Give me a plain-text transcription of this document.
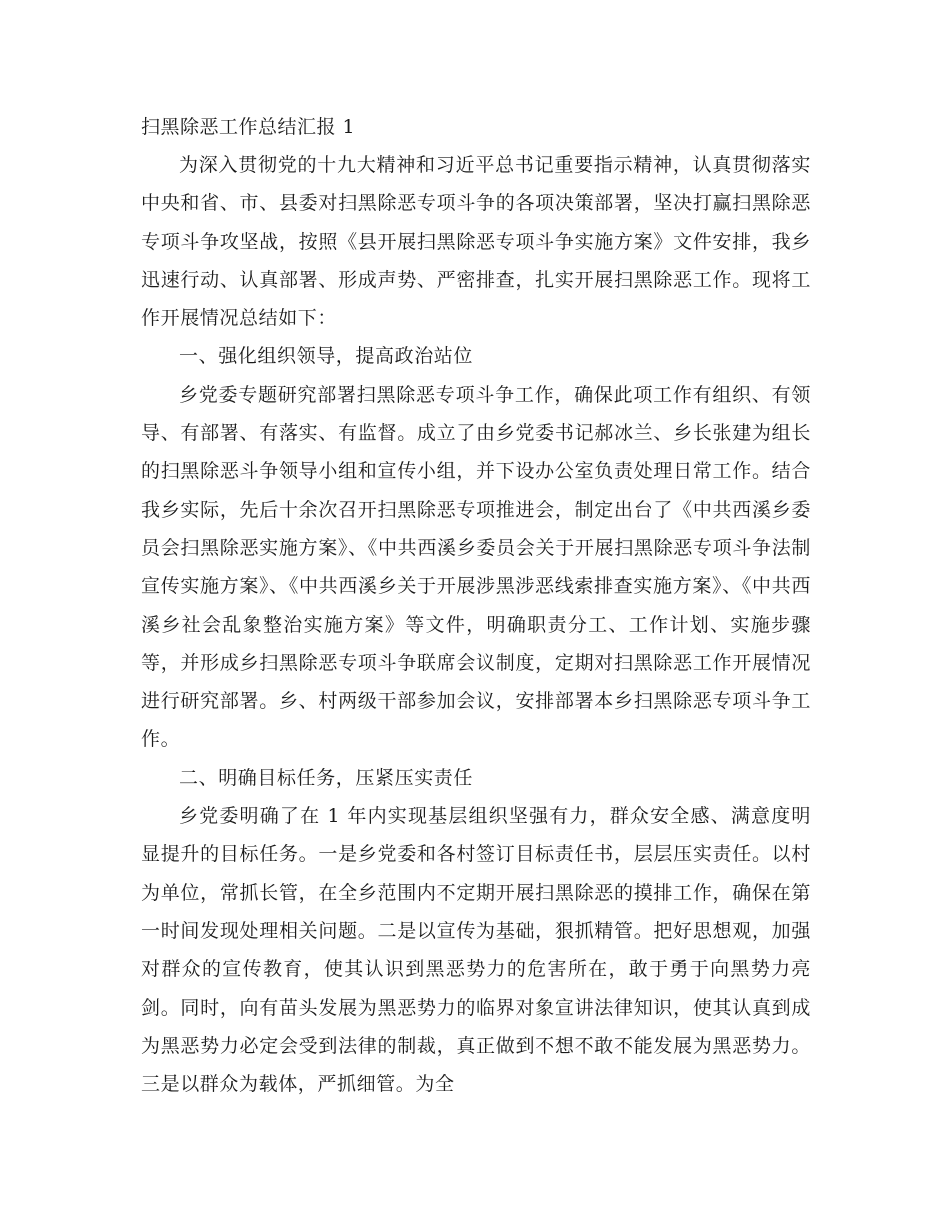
扫黑除恶工作总结汇报 1

为深入贯彻党的十九大精神和习近平总书记重要指示精神，认真贯彻落实中央和省、市、县委对扫黑除恶专项斗争的各项决策部署，坚决打赢扫黑除恶专项斗争攻坚战，按照《县开展扫黑除恶专项斗争实施方案》文件安排，我乡迅速行动、认真部署、形成声势、严密排查，扎实开展扫黑除恶工作。现将工作开展情况总结如下：

一、强化组织领导，提高政治站位

乡党委专题研究部署扫黑除恶专项斗争工作，确保此项工作有组织、有领导、有部署、有落实、有监督。成立了由乡党委书记郝冰兰、乡长张建为组长的扫黑除恶斗争领导小组和宣传小组，并下设办公室负责处理日常工作。结合我乡实际，先后十余次召开扫黑除恶专项推进会，制定出台了《中共西溪乡委员会扫黑除恶实施方案》、《中共西溪乡委员会关于开展扫黑除恶专项斗争法制宣传实施方案》、《中共西溪乡关于开展涉黑涉恶线索排查实施方案》、《中共西溪乡社会乱象整治实施方案》等文件，明确职责分工、工作计划、实施步骤等，并形成乡扫黑除恶专项斗争联席会议制度，定期对扫黑除恶工作开展情况进行研究部署。乡、村两级干部参加会议，安排部署本乡扫黑除恶专项斗争工作。

二、明确目标任务，压紧压实责任

乡党委明确了在 1 年内实现基层组织坚强有力，群众安全感、满意度明显提升的目标任务。一是乡党委和各村签订目标责任书，层层压实责任。以村为单位，常抓长管，在全乡范围内不定期开展扫黑除恶的摸排工作，确保在第一时间发现处理相关问题。二是以宣传为基础，狠抓精管。把好思想观，加强对群众的宣传教育，使其认识到黑恶势力的危害所在，敢于勇于向黑势力亮剑。同时，向有苗头发展为黑恶势力的临界对象宣讲法律知识，使其认真到成为黑恶势力必定会受到法律的制裁，真正做到不想不敢不能发展为黑恶势力。三是以群众为载体，严抓细管。为全
